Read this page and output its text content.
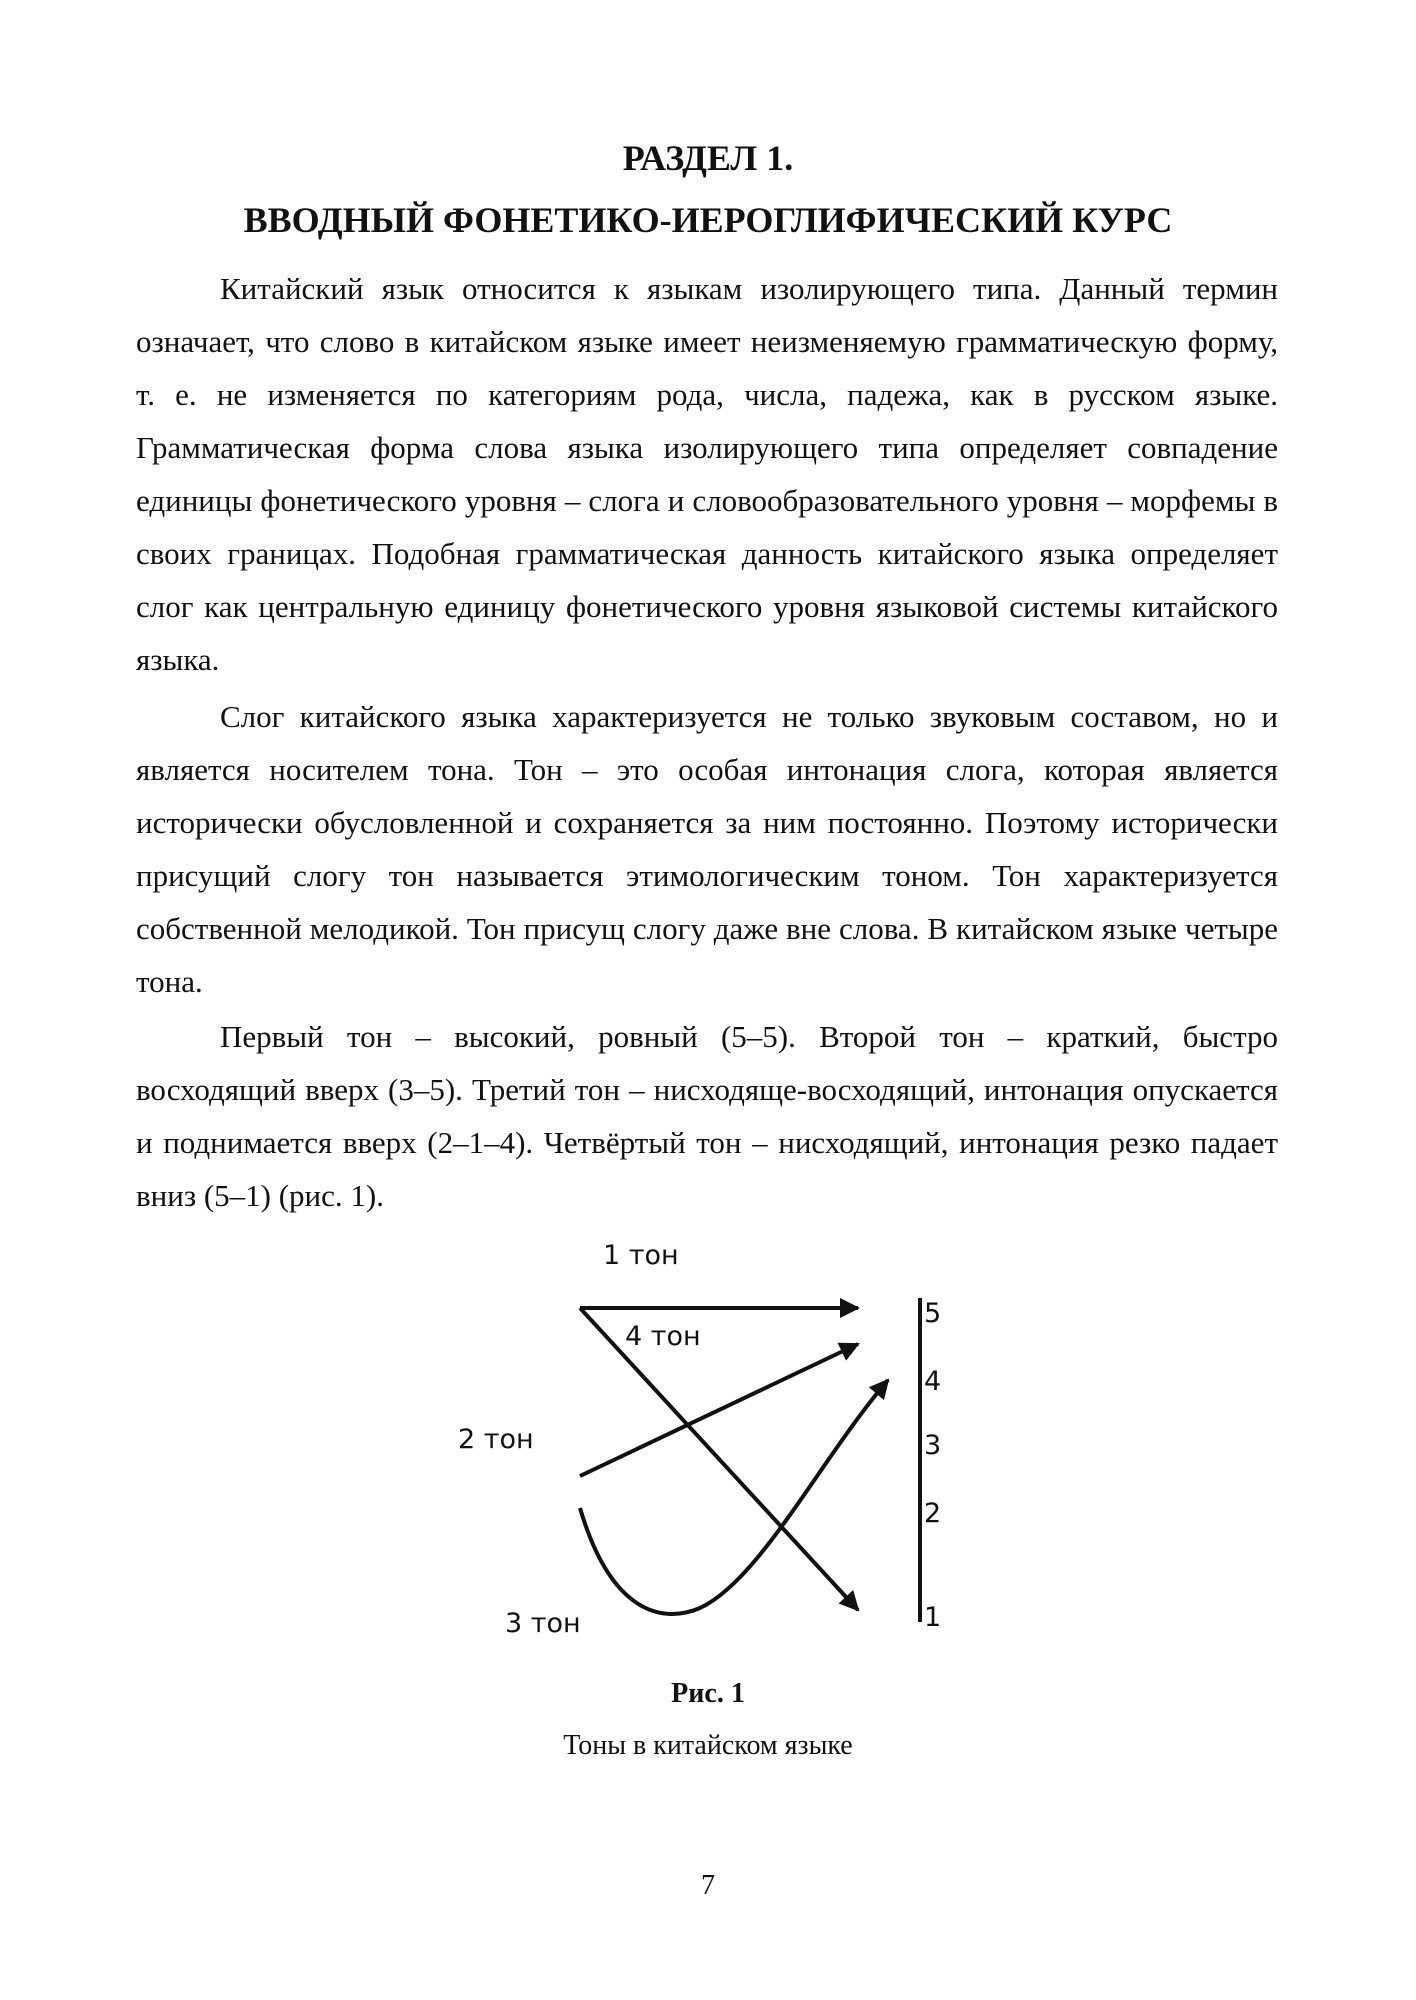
РАЗДЕЛ 1.
ВВОДНЫЙ ФОНЕТИКО-ИЕРОГЛИФИЧЕСКИЙ КУРС

Китайский язык относится к языкам изолирующего типа. Данный термин означает, что слово в китайском языке имеет неизменяемую грамматическую форму, т. е. не изменяется по категориям рода, числа, падежа, как в русском языке. Грамматическая форма слова языка изолирующего типа определяет совпадение единицы фонетического уровня – слога и словообразовательного уровня – морфемы в своих границах. Подобная грамматическая данность китайского языка определяет слог как центральную единицу фонетического уровня языковой системы китайского языка.

Слог китайского языка характеризуется не только звуковым составом, но и является носителем тона. Тон – это особая интонация слога, которая является исторически обусловленной и сохраняется за ним постоянно. Поэтому исторически присущий слогу тон называется этимологическим тоном. Тон характеризуется собственной мелодикой. Тон присущ слогу даже вне слова. В китайском языке четыре тона.

Первый тон – высокий, ровный (5–5). Второй тон – краткий, быстро восходящий вверх (3–5). Третий тон – нисходяще-восходящий, интонация опускается и поднимается вверх (2–1–4). Четвёртый тон – нисходящий, интонация резко падает вниз (5–1) (рис. 1).

1 тон
2 тон
3 тон
4 тон
5
4
3
2
1

Рис. 1

Тоны в китайском языке

7
